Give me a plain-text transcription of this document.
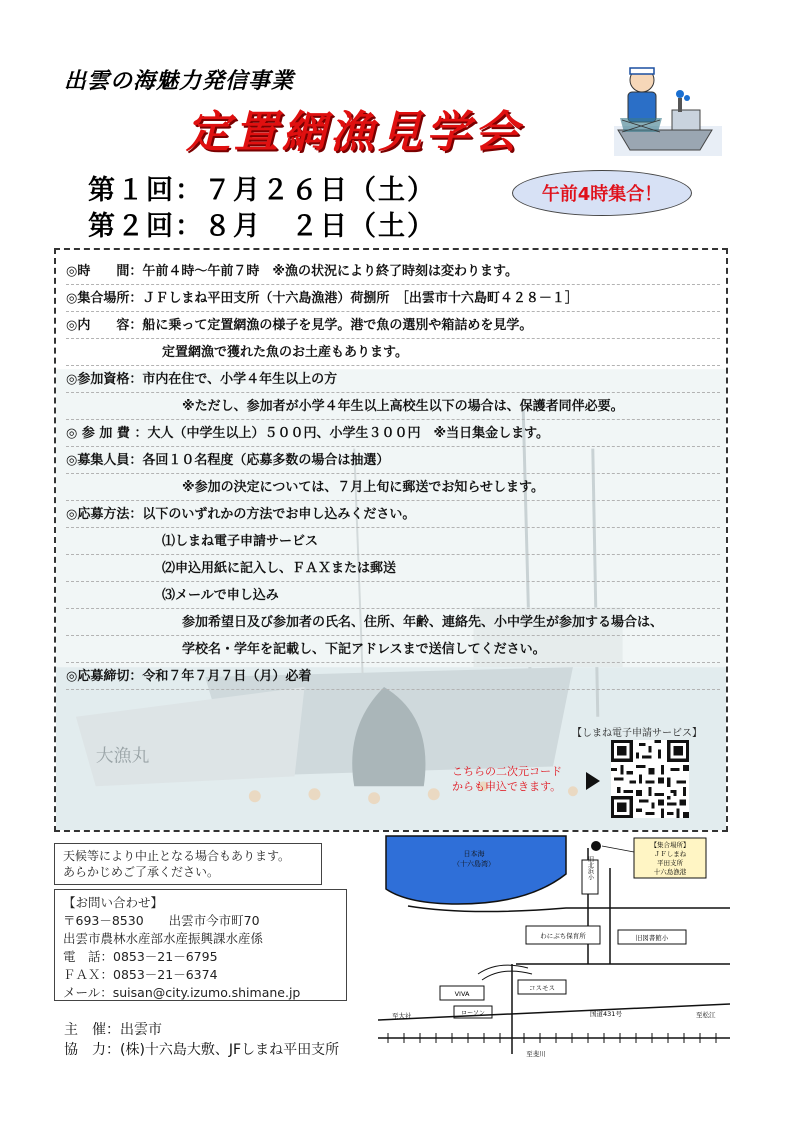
出雲の海魅力発信事業
定置網漁見学会
第１回：７月２６日（土）
第２回：８月　２日（土）
午前4時集合！
大漁丸
◎時　　間：午前４時～午前７時　※漁の状況により終了時刻は変わります。
◎集合場所：ＪＦしまね平田支所（十六島漁港）荷捌所　［出雲市十六島町４２８－１］
◎内　　容：船に乗って定置網漁の様子を見学。港で魚の選別や箱詰めを見学。
定置網漁で獲れた魚のお土産もあります。
◎参加資格：市内在住で、小学４年生以上の方
※ただし、参加者が小学４年生以上高校生以下の場合は、保護者同伴必要。
◎ 参 加 費 ：大人（中学生以上）５００円、小学生３００円　※当日集金します。
◎募集人員：各回１０名程度（応募多数の場合は抽選）
※参加の決定については、７月上旬に郵送でお知らせします。
◎応募方法：以下のいずれかの方法でお申し込みください。
⑴しまね電子申請サービス
⑵申込用紙に記入し、ＦＡＸまたは郵送
⑶メールで申し込み
参加希望日及び参加者の氏名、住所、年齢、連絡先、小中学生が参加する場合は、
学校名・学年を記載し、下記アドレスまで送信してください。
◎応募締切：令和７年７月７日（月）必着
【しまね電子申請サービス】
こちらの二次元コード
からも申込できます。
天候等により中止となる場合もあります。
あらかじめご了承ください。
【お問い合わせ】
〒693－8530　　出雲市今市町70
出雲市農林水産部水産振興課水産係
電　話：0853－21－6795
ＦＡＸ：0853－21－6374
メール：suisan@city.izumo.shimane.jp
主　催：出雲市
協　力：(株)十六島大敷、JFしまね平田支所
日本海
（十六島湾）
【集合場所】
ＪＦしまね
平田支所
十六島漁港
旧北浜小
わにぶち保育所	旧図書館小
コスモス
VIVA
ローソン	国道431号
至大社	至松江
至斐川
